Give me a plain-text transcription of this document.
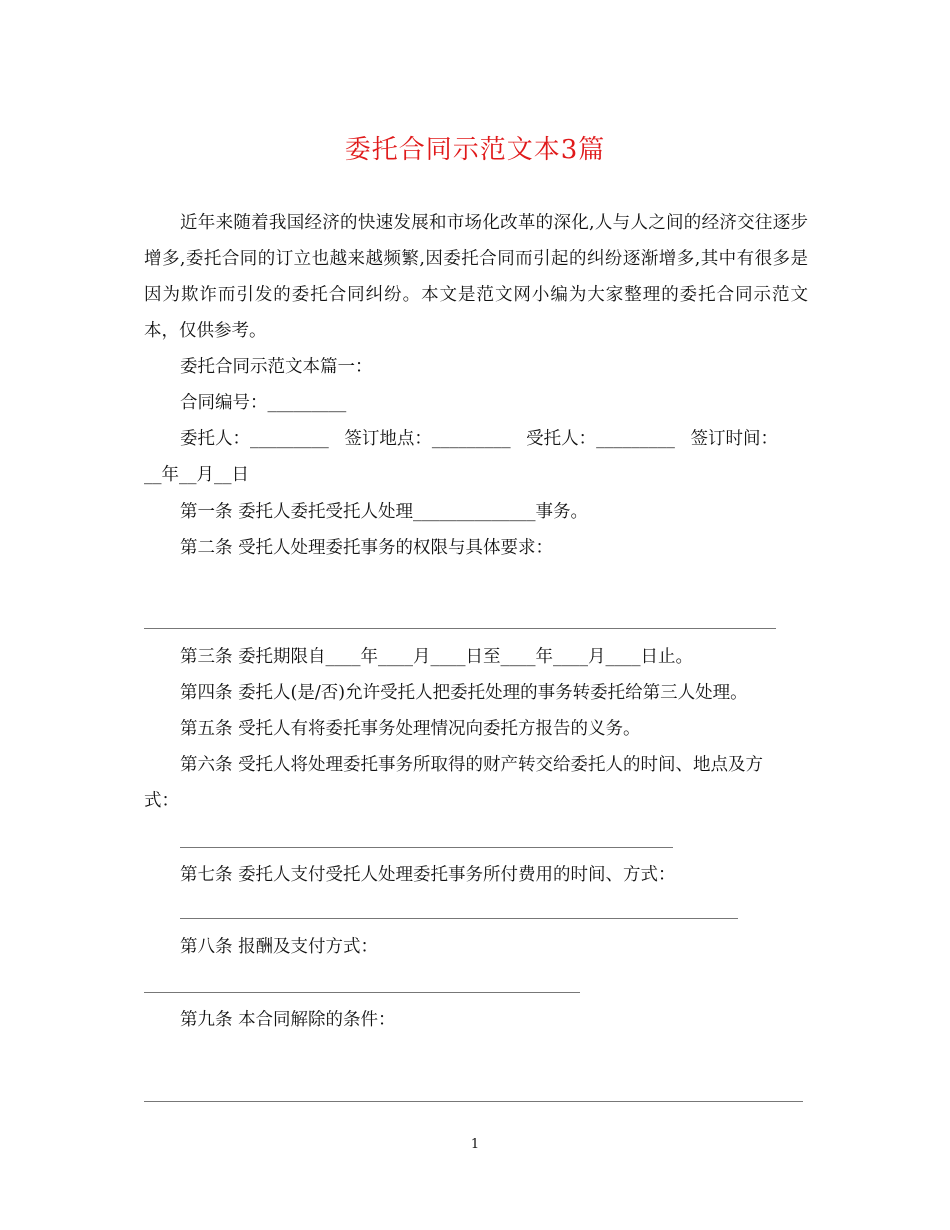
委托合同示范文本3篇
近年来随着我国经济的快速发展和市场化改革的深化,人与人之间的经济交往逐步增多,委托合同的订立也越来越频繁,因委托合同而引起的纠纷逐渐增多,其中有很多是因为欺诈而引发的委托合同纠纷。本文是范文网小编为大家整理的委托合同示范文本，仅供参考。
委托合同示范文本篇一：
合同编号：_________
委托人：_________ 签订地点：_________ 受托人：_________ 签订时间：
__年__月__日
第一条 委托人委托受托人处理______________事务。
第二条 受托人处理委托事务的权限与具体要求：
第三条 委托期限自____年____月____日至____年____月____日止。
第四条 委托人(是/否)允许受托人把委托处理的事务转委托给第三人处理。
第五条 受托人有将委托事务处理情况向委托方报告的义务。
第六条 受托人将处理委托事务所取得的财产转交给委托人的时间、地点及方
式：
第七条 委托人支付受托人处理委托事务所付费用的时间、方式：
第八条 报酬及支付方式：
第九条 本合同解除的条件：
1
